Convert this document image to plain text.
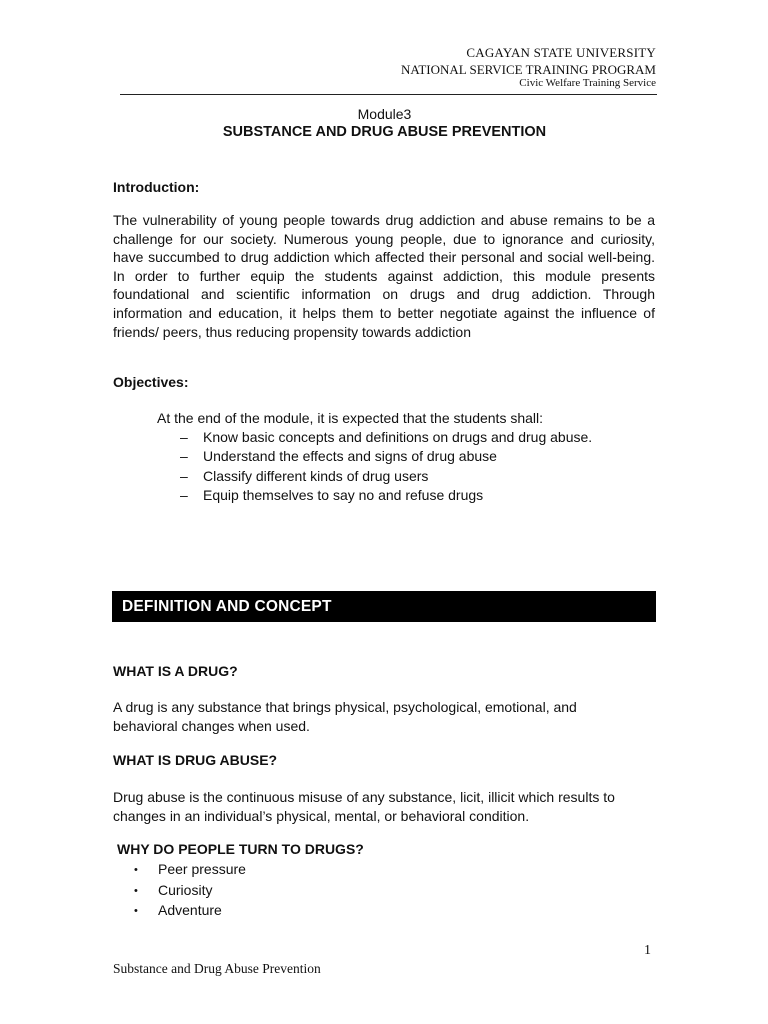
CAGAYAN STATE UNIVERSITY
NATIONAL SERVICE TRAINING PROGRAM
Civic Welfare Training Service
Module3
SUBSTANCE AND DRUG ABUSE PREVENTION
Introduction:
The vulnerability of young people towards drug addiction and abuse remains to be a challenge for our society. Numerous young people, due to ignorance and curiosity, have succumbed to drug addiction which affected their personal and social well-being. In order to further equip the students against addiction, this module presents foundational and scientific information on drugs and drug addiction. Through information and education, it helps them to better negotiate against the influence of friends/ peers, thus reducing propensity towards addiction
Objectives:
At the end of the module, it is expected that the students shall:
– Know basic concepts and definitions on drugs and drug abuse.
– Understand the effects and signs of drug abuse
– Classify different kinds of drug users
– Equip themselves to say no and refuse drugs
DEFINITION AND CONCEPT
WHAT IS A DRUG?
A drug is any substance that brings physical, psychological, emotional, and behavioral changes when used.
WHAT IS DRUG ABUSE?
Drug abuse is the continuous misuse of any substance, licit, illicit which results to changes in an individual’s physical, mental, or behavioral condition.
WHY DO PEOPLE TURN TO DRUGS?
• Peer pressure
• Curiosity
• Adventure
1
Substance and Drug Abuse Prevention
